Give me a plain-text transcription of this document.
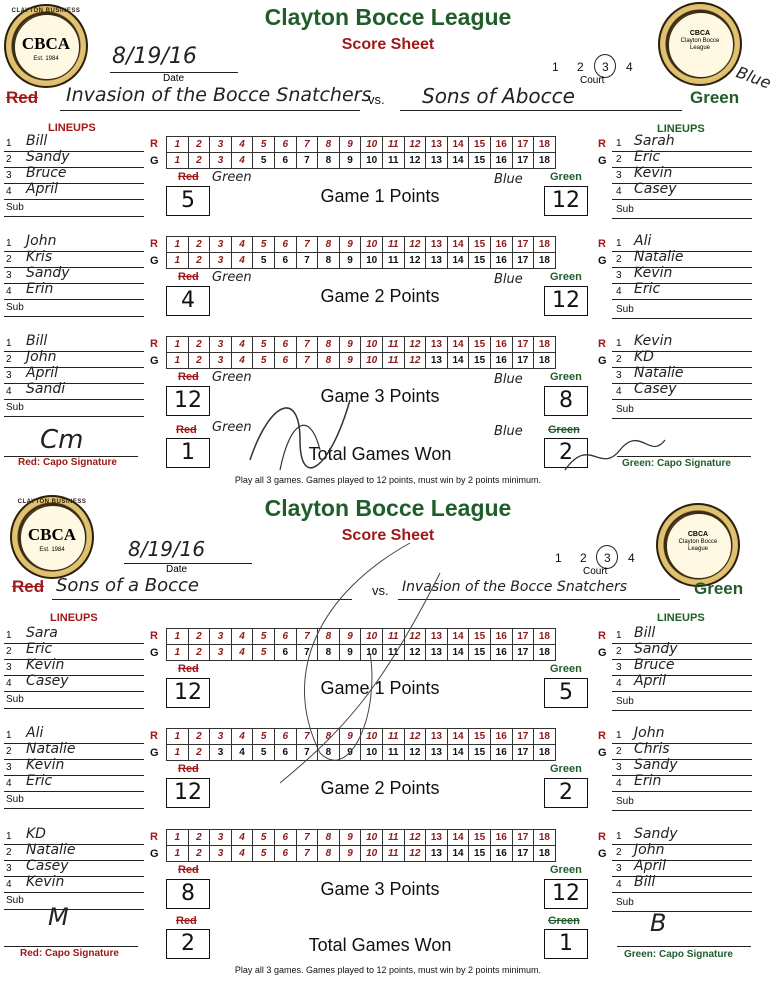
CLAYTON BUSINESS
CBCA
Est. 1984
CBCA
Clayton Bocce
League
Clayton Bocce League
Score Sheet
8/19/16
Date
1 2 3 4
Court
Red Invasion of the Bocce Snatchers
vs. Sons of Abocce	Green
Blue
LINEUPS	LINEUPS
1 Bill	1 Sarah
2 Sandy	2 Eric
3 Bruce	3 Kevin
4 April	4 Casey
Sub	Sub
R
G
R
G
1	2	3	4	5	6	7	8	9	10	11	12	13	14	15	16	17	18
1	2	3	4	5	6	7	8	9	10	11	12	13	14	15	16	17	18
Red	Green
5	Game 1 Points	12
Green	Blue
1 John	1 Ali
2 Kris	2 Natalie
3 Sandy	3 Kevin
4 Erin	4 Eric
Sub	Sub
R
G
R
G
1	2	3	4	5	6	7	8	9	10	11	12	13	14	15	16	17	18
1	2	3	4	5	6	7	8	9	10	11	12	13	14	15	16	17	18
Red	Green
4	Game 2 Points	12
Green	Blue
1 Bill	1 Kevin
2 John	2 KD
3 April	3 Natalie
4 Sandi	4 Casey
Sub	Sub
R
G
R
G
1	2	3	4	5	6	7	8	9	10	11	12	13	14	15	16	17	18
1	2	3	4	5	6	7	8	9	10	11	12	13	14	15	16	17	18
Red	Green
12	Game 3 Points	8
Green	Blue
Red	Green
1	Total Games Won	2
Green	Blue
Ⅽm
Red: Capo Signature	Green: Capo Signature
Play all 3 games. Games played to 12 points, must win by 2 points minimum.
CLAYTON BUSINESS
CBCA
Est. 1984
CBCA
Clayton Bocce
League
Clayton Bocce League
Score Sheet
8/19/16
Date
1 2 3 4
Court
Red Sons of a Bocce	vs. Invasion of the Bocce Snatchers	Green
LINEUPS	LINEUPS
1 Sara	1 Bill
2 Eric	2 Sandy
3 Kevin	3 Bruce
4 Casey	4 April
Sub	Sub
R
G
R
G
1	2	3	4	5	6	7	8	9	10	11	12	13	14	15	16	17	18
1	2	3	4	5	6	7	8	9	10	11	12	13	14	15	16	17	18
Red	Green
12	Game 1 Points	5
1 Ali	1 John
2 Natalie	2 Chris
3 Kevin	3 Sandy
4 Eric	4 Erin
Sub	Sub
R
G
R
G
1	2	3	4	5	6	7	8	9	10	11	12	13	14	15	16	17	18
1	2	3	4	5	6	7	8	9	10	11	12	13	14	15	16	17	18
Red	Green
12	Game 2 Points	2
1 KD	1 Sandy
2 Natalie	2 John
3 Casey	3 April
4 Kevin	4 Bill
Sub	Sub
R
G
R
G
1	2	3	4	5	6	7	8	9	10	11	12	13	14	15	16	17	18
1	2	3	4	5	6	7	8	9	10	11	12	13	14	15	16	17	18
Red	Green
8	Game 3 Points	12
Red	Green
2	Total Games Won	1
M
Red: Capo Signature
B
Green: Capo Signature
Play all 3 games. Games played to 12 points, must win by 2 points minimum.
